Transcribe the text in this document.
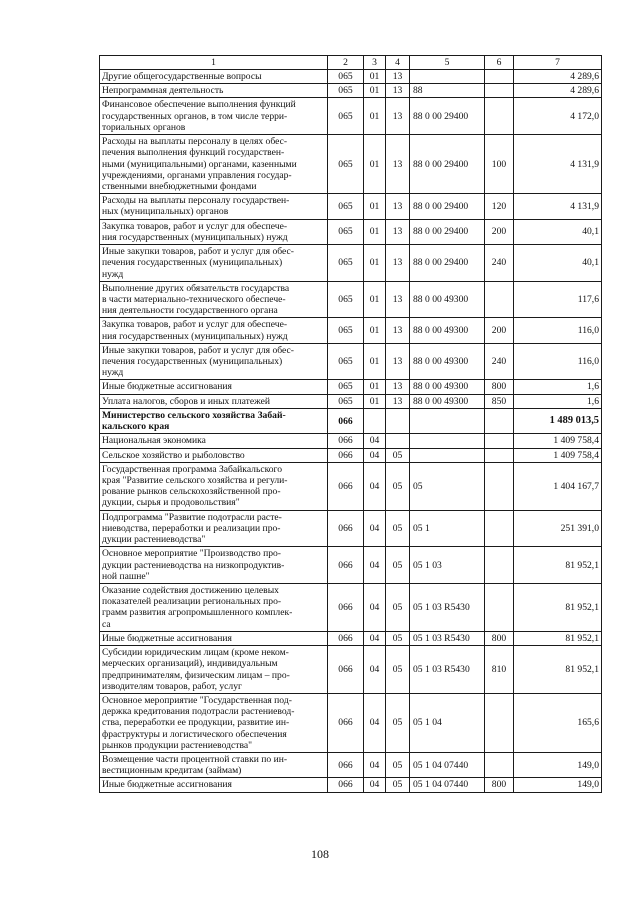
1	2	3	4	5	6	7
Другие общегосударственные вопросы	065	01	13			4 289,6
Непрограммная деятельность	065	01	13	88		4 289,6
Финансовое обеспечение выполнения функций
государственных органов, в том числе терри-
ториальных органов	065	01	13	88 0 00 29400		4 172,0
Расходы на выплаты персоналу в целях обес-
печения выполнения функций государствен-
ными (муниципальными) органами, казенными
учреждениями, органами управления государ-
ственными внебюджетными фондами	065	01	13	88 0 00 29400	100	4 131,9
Расходы на выплаты персоналу государствен-
ных (муниципальных) органов	065	01	13	88 0 00 29400	120	4 131,9
Закупка товаров, работ и услуг для обеспече-
ния государственных (муниципальных) нужд	065	01	13	88 0 00 29400	200	40,1
Иные закупки товаров, работ и услуг для обес-
печения государственных (муниципальных)
нужд	065	01	13	88 0 00 29400	240	40,1
Выполнение других обязательств государства
в части материально-технического обеспече-
ния деятельности государственного органа	065	01	13	88 0 00 49300		117,6
Закупка товаров, работ и услуг для обеспече-
ния государственных (муниципальных) нужд	065	01	13	88 0 00 49300	200	116,0
Иные закупки товаров, работ и услуг для обес-
печения государственных (муниципальных)
нужд	065	01	13	88 0 00 49300	240	116,0
Иные бюджетные ассигнования	065	01	13	88 0 00 49300	800	1,6
Уплата налогов, сборов и иных платежей	065	01	13	88 0 00 49300	850	1,6
Министерство сельского хозяйства Забай-
кальского края	066					1 489 013,5
Национальная экономика	066	04				1 409 758,4
Сельское хозяйство и рыболовство	066	04	05			1 409 758,4
Государственная программа Забайкальского
края "Развитие сельского хозяйства и регули-
рование рынков сельскохозяйственной про-
дукции, сырья и продовольствия"	066	04	05	05		1 404 167,7
Подпрограмма "Развитие подотрасли расте-
ниеводства, переработки и реализации про-
дукции растениеводства"	066	04	05	05 1		251 391,0
Основное мероприятие "Производство про-
дукции растениеводства на низкопродуктив-
ной пашне"	066	04	05	05 1 03		81 952,1
Оказание содействия достижению целевых
показателей реализации региональных про-
грамм развития агропромышленного комплек-
са	066	04	05	05 1 03 R5430		81 952,1
Иные бюджетные ассигнования	066	04	05	05 1 03 R5430	800	81 952,1
Субсидии юридическим лицам (кроме неком-
мерческих организаций), индивидуальным
предпринимателям, физическим лицам – про-
изводителям товаров, работ, услуг	066	04	05	05 1 03 R5430	810	81 952,1
Основное мероприятие "Государственная под-
держка кредитования подотрасли растениевод-
ства, переработки ее продукции, развитие ин-
фраструктуры и логистического обеспечения
рынков продукции растениеводства"	066	04	05	05 1 04		165,6
Возмещение части процентной ставки по ин-
вестиционным кредитам (займам)	066	04	05	05 1 04 07440		149,0
Иные бюджетные ассигнования	066	04	05	05 1 04 07440	800	149,0
108
